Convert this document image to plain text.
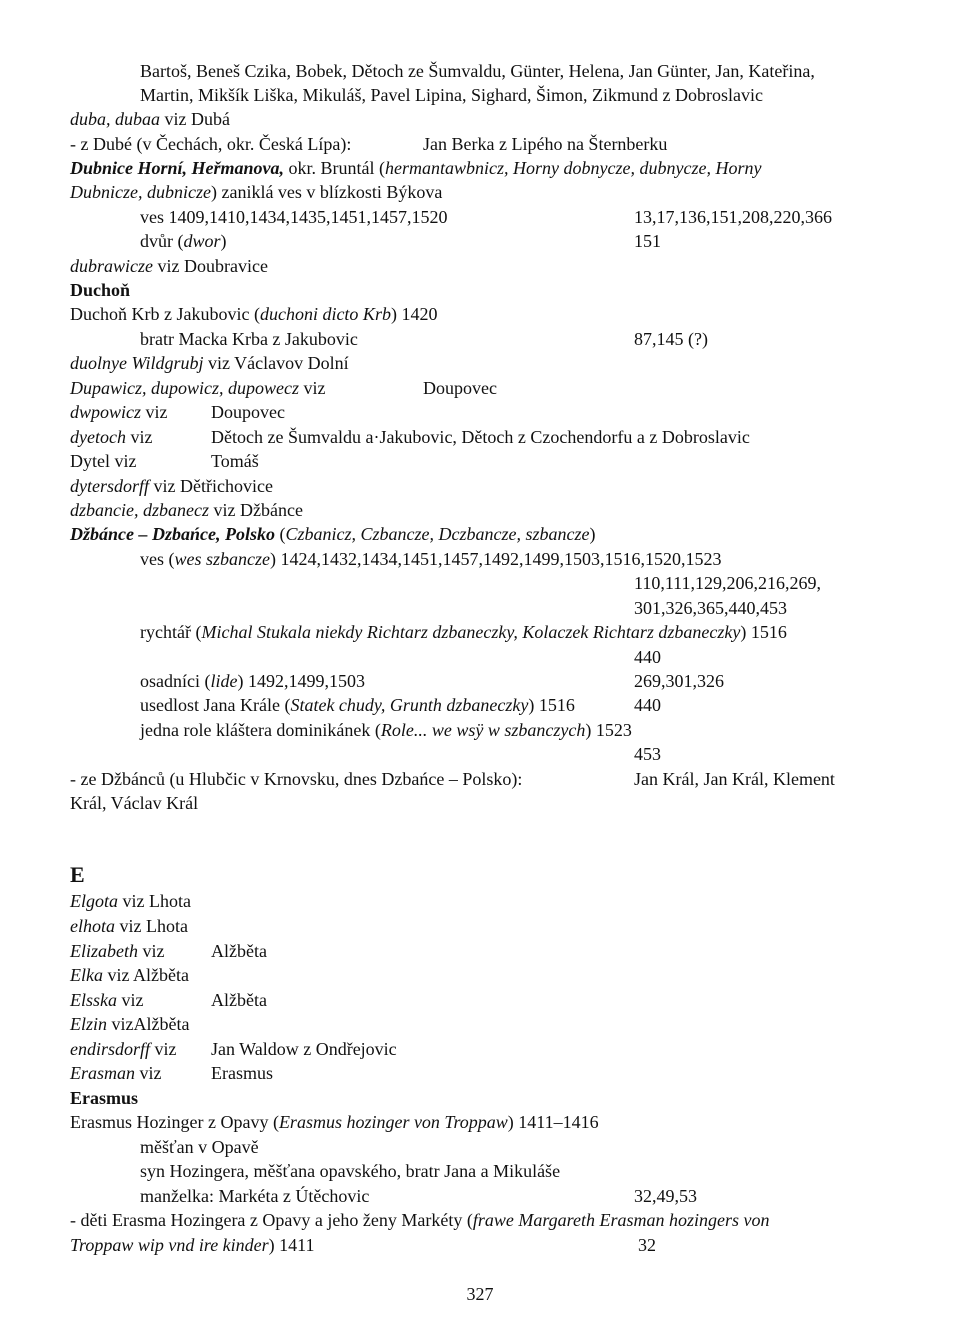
Bartoš, Beneš Czika, Bobek, Dětoch ze Šumvaldu, Günter, Helena, Jan Günter, Jan, Kateřina,
Martin, Mikšík Liška, Mikuláš, Pavel Lipina, Sighard, Šimon, Zikmund z Dobroslavic
duba, dubaa viz Dubá
- z Dubé (v Čechách, okr. Česká Lípa):	Jan Berka z Lipého na Šternberku
Dubnice Horní, Heřmanova, okr. Bruntál (hermantawbnicz, Horny dobnycze, dubnycze, Horny
Dubnicze, dubnicze) zaniklá ves v blízkosti Býkova
ves 1409,1410,1434,1435,1451,1457,1520	13,17,136,151,208,220,366
dvůr (dwor)	151
dubrawicze viz Doubravice
Duchoň
Duchoň Krb z Jakubovic (duchoni dicto Krb) 1420
bratr Macka Krba z Jakubovic	87,145 (?)
duolnye Wildgrubj viz Václavov Dolní
Dupawicz, dupowicz, dupowecz viz	Doupovec
dwpowicz viz Doupovec
dyetoch viz	Dětoch ze Šumvaldu a·Jakubovic, Dětoch z Czochendorfu a z Dobroslavic
Dytel viz	Tomáš
dytersdorff viz Dětřichovice
dzbancie, dzbanecz viz Džbánce
Džbánce – Dzbańce, Polsko (Czbanicz, Czbancze, Dczbancze, szbancze)
ves (wes szbancze) 1424,1432,1434,1451,1457,1492,1499,1503,1516,1520,1523
110,111,129,206,216,269,
301,326,365,440,453
rychtář (Michal Stukala niekdy Richtarz dzbaneczky, Kolaczek Richtarz dzbaneczky) 1516
440
osadníci (lide) 1492,1499,1503	269,301,326
usedlost Jana Krále (Statek chudy, Grunth dzbaneczky) 1516	440
jedna role kláštera dominikánek (Role... we wsÿ w szbanczych) 1523
453
- ze Džbánců (u Hlubčic v Krnovsku, dnes Dzbańce – Polsko):	Jan Král, Jan Král, Klement
Král, Václav Král
E
Elgota viz Lhota
elhota viz Lhota
Elizabeth viz	Alžběta
Elka viz Alžběta
Elsska viz	Alžběta
Elzin vizAlžběta
endirsdorff viz Jan Waldow z Ondřejovic
Erasman viz	Erasmus
Erasmus
Erasmus Hozinger z Opavy (Erasmus hozinger von Troppaw) 1411–1416
měšťan v Opavě
syn Hozingera, měšťana opavského, bratr Jana a Mikuláše
manželka: Markéta z Útěchovic	32,49,53
- děti Erasma Hozingera z Opavy a jeho ženy Markéty (frawe Margareth Erasman hozingers von
Troppaw wip vnd ire kinder) 1411	32
327
